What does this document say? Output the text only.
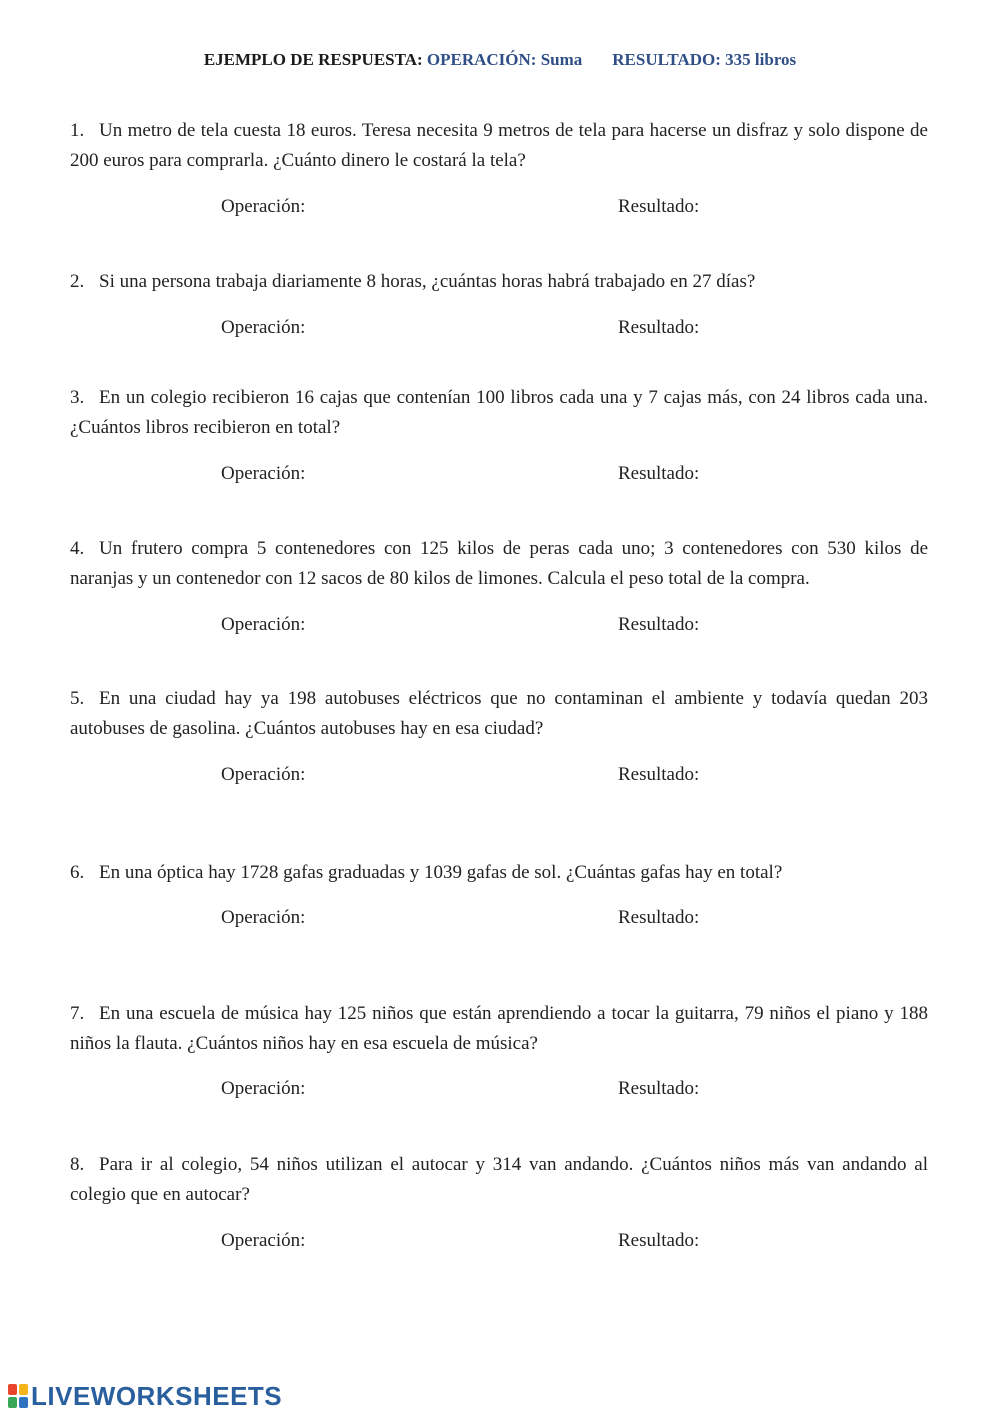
EJEMPLO DE RESPUESTA: OPERACIÓN: Suma RESULTADO: 335 libros
1. Un metro de tela cuesta 18 euros. Teresa necesita 9 metros de tela para hacerse un disfraz y solo dispone de 200 euros para comprarla. ¿Cuánto dinero le costará la tela?
Operación:	Resultado:
2. Si una persona trabaja diariamente 8 horas, ¿cuántas horas habrá trabajado en 27 días?
Operación:	Resultado:
3. En un colegio recibieron 16 cajas que contenían 100 libros cada una y 7 cajas más, con 24 libros cada una. ¿Cuántos libros recibieron en total?
Operación:	Resultado:
4. Un frutero compra 5 contenedores con 125 kilos de peras cada uno; 3 contenedores con 530 kilos de naranjas y un contenedor con 12 sacos de 80 kilos de limones. Calcula el peso total de la compra.
Operación:	Resultado:
5. En una ciudad hay ya 198 autobuses eléctricos que no contaminan el ambiente y todavía quedan 203 autobuses de gasolina. ¿Cuántos autobuses hay en esa ciudad?
Operación:	Resultado:
6. En una óptica hay 1728 gafas graduadas y 1039 gafas de sol. ¿Cuántas gafas hay en total?
Operación:	Resultado:
7. En una escuela de música hay 125 niños que están aprendiendo a tocar la guitarra, 79 niños el piano y 188 niños la flauta. ¿Cuántos niños hay en esa escuela de música?
Operación:	Resultado:
8. Para ir al colegio, 54 niños utilizan el autocar y 314 van andando. ¿Cuántos niños más van andando al colegio que en autocar?
Operación:	Resultado:
LIVEWORKSHEETS
